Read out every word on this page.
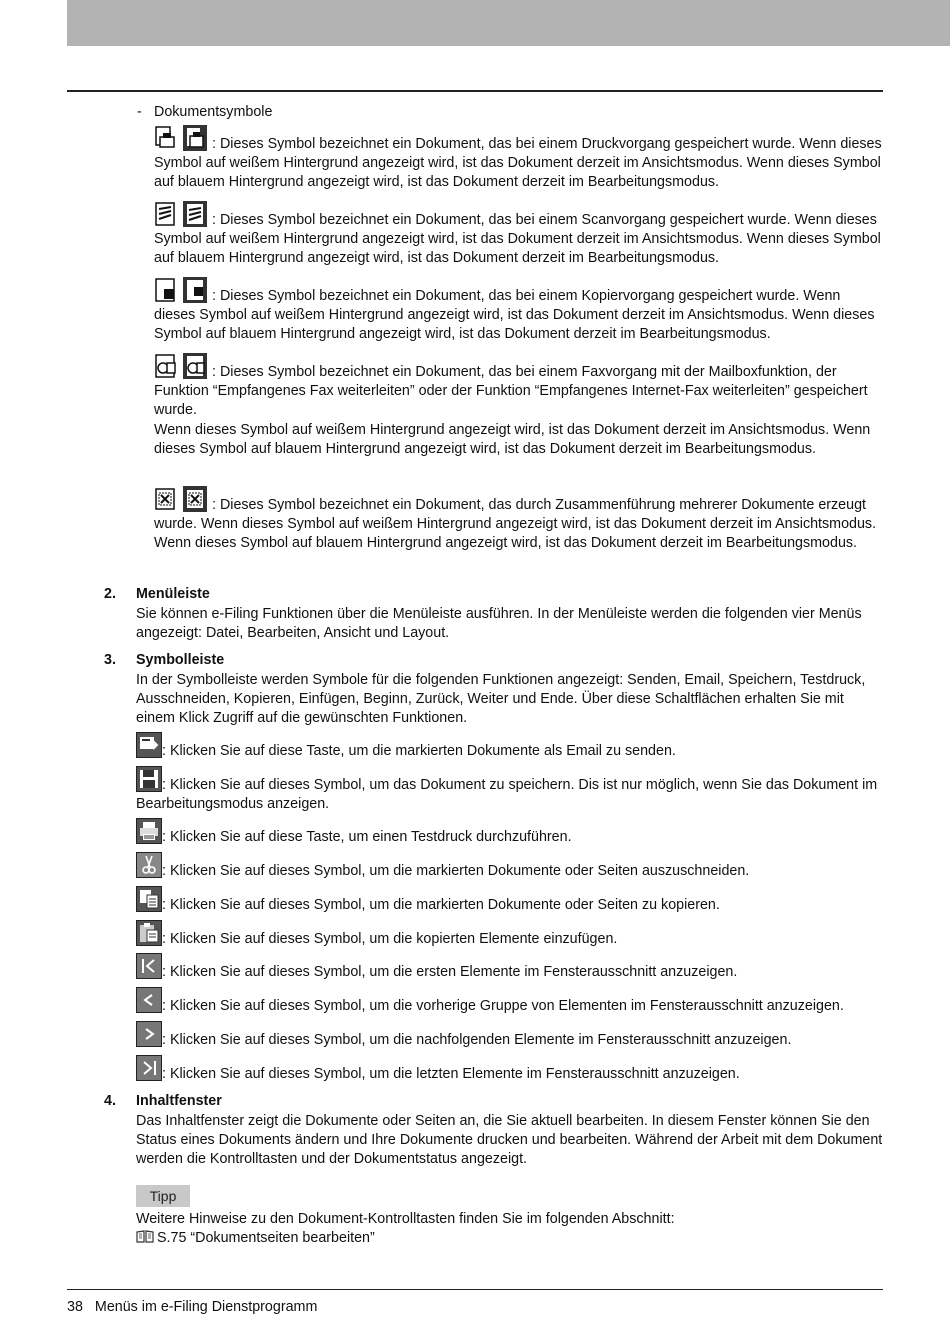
- Dokumentsymbole
: Dieses Symbol bezeichnet ein Dokument, das bei einem Druckvorgang gespeichert wurde. Wenn dieses Symbol auf weißem Hintergrund angezeigt wird, ist das Dokument derzeit im Ansichtsmodus. Wenn dieses Symbol auf blauem Hintergrund angezeigt wird, ist das Dokument derzeit im Bearbeitungsmodus.
: Dieses Symbol bezeichnet ein Dokument, das bei einem Scanvorgang gespeichert wurde. Wenn dieses Symbol auf weißem Hintergrund angezeigt wird, ist das Dokument derzeit im Ansichtsmodus. Wenn dieses Symbol auf blauem Hintergrund angezeigt wird, ist das Dokument derzeit im Bearbeitungsmodus.
: Dieses Symbol bezeichnet ein Dokument, das bei einem Kopiervorgang gespeichert wurde. Wenn dieses Symbol auf weißem Hintergrund angezeigt wird, ist das Dokument derzeit im Ansichtsmodus. Wenn dieses Symbol auf blauem Hintergrund angezeigt wird, ist das Dokument derzeit im Bearbeitungsmodus.
: Dieses Symbol bezeichnet ein Dokument, das bei einem Faxvorgang mit der Mailboxfunktion, der Funktion “Empfangenes Fax weiterleiten” oder der Funktion “Empfangenes Internet-Fax weiterleiten” gespeichert wurde.
Wenn dieses Symbol auf weißem Hintergrund angezeigt wird, ist das Dokument derzeit im Ansichtsmodus. Wenn dieses Symbol auf blauem Hintergrund angezeigt wird, ist das Dokument derzeit im Bearbeitungsmodus.
: Dieses Symbol bezeichnet ein Dokument, das durch Zusammenführung mehrerer Dokumente erzeugt wurde. Wenn dieses Symbol auf weißem Hintergrund angezeigt wird, ist das Dokument derzeit im Ansichtsmodus. Wenn dieses Symbol auf blauem Hintergrund angezeigt wird, ist das Dokument derzeit im Bearbeitungsmodus.
2. Menüleiste
Sie können e-Filing Funktionen über die Menüleiste ausführen. In der Menüleiste werden die folgenden vier Menüs angezeigt: Datei, Bearbeiten, Ansicht und Layout.
3. Symbolleiste
In der Symbolleiste werden Symbole für die folgenden Funktionen angezeigt: Senden, Email, Speichern, Testdruck, Ausschneiden, Kopieren, Einfügen, Beginn, Zurück, Weiter und Ende. Über diese Schaltflächen erhalten Sie mit einem Klick Zugriff auf die gewünschten Funktionen.
: Klicken Sie auf diese Taste, um die markierten Dokumente als Email zu senden.
: Klicken Sie auf dieses Symbol, um das Dokument zu speichern. Dis ist nur möglich, wenn Sie das Dokument im Bearbeitungsmodus anzeigen.
: Klicken Sie auf diese Taste, um einen Testdruck durchzuführen.
: Klicken Sie auf dieses Symbol, um die markierten Dokumente oder Seiten auszuschneiden.
: Klicken Sie auf dieses Symbol, um die markierten Dokumente oder Seiten zu kopieren.
: Klicken Sie auf dieses Symbol, um die kopierten Elemente einzufügen.
: Klicken Sie auf dieses Symbol, um die ersten Elemente im Fensterausschnitt anzuzeigen.
: Klicken Sie auf dieses Symbol, um die vorherige Gruppe von Elementen im Fensterausschnitt anzuzeigen.
: Klicken Sie auf dieses Symbol, um die nachfolgenden Elemente im Fensterausschnitt anzuzeigen.
: Klicken Sie auf dieses Symbol, um die letzten Elemente im Fensterausschnitt anzuzeigen.
4. Inhaltfenster
Das Inhaltfenster zeigt die Dokumente oder Seiten an, die Sie aktuell bearbeiten. In diesem Fenster können Sie den Status eines Dokuments ändern und Ihre Dokumente drucken und bearbeiten. Während der Arbeit mit dem Dokument werden die Kontrolltasten und der Dokumentstatus angezeigt.
Tipp
Weitere Hinweise zu den Dokument-Kontrolltasten finden Sie im folgenden Abschnitt:
S.75 “Dokumentseiten bearbeiten”
38 Menüs im e-Filing Dienstprogramm
